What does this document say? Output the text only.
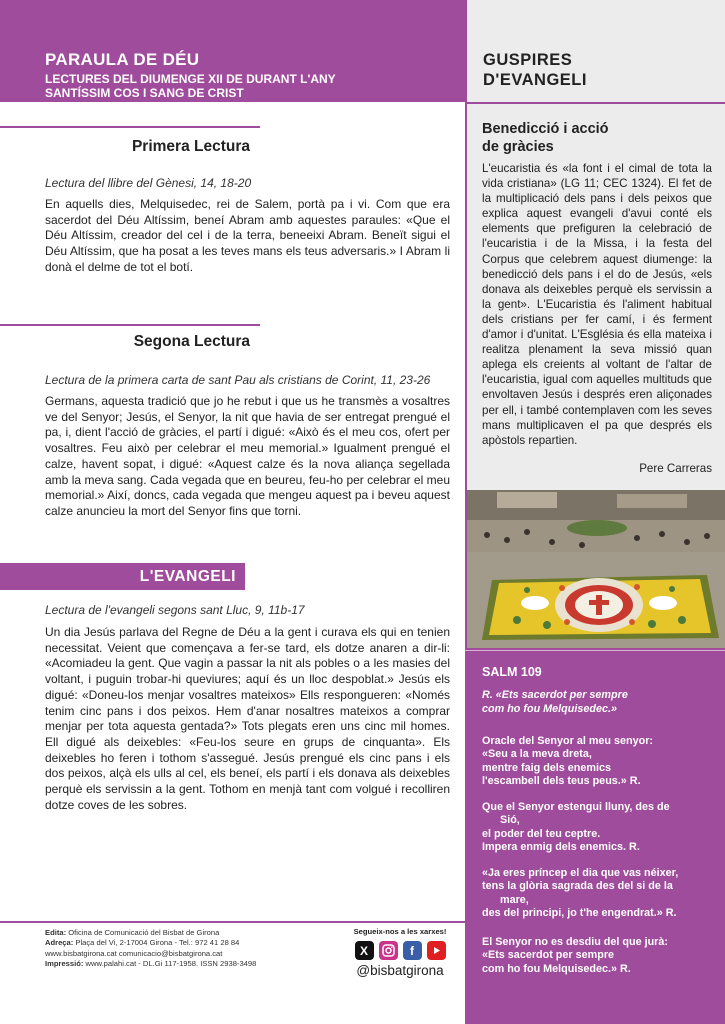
PARAULA DE DÉU
LECTURES DEL DIUMENGE XII DE DURANT L'ANY
SANTÍSSIM COS I SANG DE CRIST
GUSPIRES
D'EVANGELI
Primera Lectura
Lectura del llibre del Gènesi, 14, 18-20
En aquells dies, Melquisedec, rei de Salem, portà pa i vi. Com que era sacerdot del Déu Altíssim, beneí Abram amb aquestes paraules: «Que el Déu Altíssim, creador del cel i de la terra, beneeixi Abram. Beneït sigui el Déu Altíssim, que ha posat a les teves mans els teus adversaris.» I Abram li donà el delme de tot el botí.
Segona Lectura
Lectura de la primera carta de sant Pau als cristians de Corint, 11, 23-26
Germans, aquesta tradició que jo he rebut i que us he transmès a vosaltres ve del Senyor; Jesús, el Senyor, la nit que havia de ser entregat prengué el pa, i, dient l'acció de gràcies, el partí i digué: «Això és el meu cos, ofert per vosaltres. Feu això per celebrar el meu memorial.» Igualment prengué el calze, havent sopat, i digué: «Aquest calze és la nova aliança segellada amb la meva sang. Cada vegada que en beureu, feu-ho per celebrar el meu memorial.» Així, doncs, cada vegada que mengeu aquest pa i beveu aquest calze anuncieu la mort del Senyor fins que torni.
L'EVANGELI
Lectura de l'evangeli segons sant Lluc, 9, 11b-17
Un dia Jesús parlava del Regne de Déu a la gent i curava els qui en tenien necessitat. Veient que començava a fer-se tard, els dotze anaren a dir-li: «Acomiadeu la gent. Que vagin a passar la nit als pobles o a les masies del voltant, i puguin trobar-hi queviures; aquí és un lloc despoblat.» Jesús els digué: «Doneu-los menjar vosaltres mateixos» Ells respongueren: «Només tenim cinc pans i dos peixos. Hem d'anar nosaltres mateixos a comprar menjar per tota aquesta gentada?» Tots plegats eren uns cinc mil homes. Ell digué als deixebles: «Feu-los seure en grups de cinquanta». Els deixebles ho feren i tothom s'assegué. Jesús prengué els cinc pans i els dos peixos, alçà els ulls al cel, els beneí, els partí i els donava als deixebles perquè els servissin a la gent. Tothom en menjà tant com volgué i recolliren dotze coves de les sobres.
Edita: Oficina de Comunicació del Bisbat de Girona
Adreça: Plaça del Vi, 2-17004 Girona - Tel.: 972 41 28 84
www.bisbatgirona.cat comunicacio@bisbatgirona.cat
Impressió: www.palahi.cat - DL.Gi 117-1958. ISSN 2938-3498
Segueix-nos a les xarxes!
X	f
@bisbatgirona
Benedicció i acció
de gràcies
L'eucaristia és «la font i el cimal de tota la vida cristiana» (LG 11; CEC 1324). El fet de la multiplicació dels pans i dels peixos que explica aquest evangeli d'avui conté els elements que prefiguren la celebració de l'eucaristia i de la Missa, i la festa del Corpus que celebrem aquest diumenge: la benedicció dels pans i el do de Jesús, «els donava als deixebles perquè els servissin a la gent». L'Eucaristia és l'aliment habitual dels cristians per fer camí, i és ferment d'amor i d'unitat. L'Església és ella mateixa i realitza plenament la seva missió quan aplega els creients al voltant de l'altar de l'eucaristia, igual com aquelles multituds que envoltaven Jesús i després eren aliçonades per ell, i també contemplaven com les seves mans multiplicaven el pa que després els apòstols repartien.
Pere Carreras
SALM 109
R. «Ets sacerdot per sempre
com ho fou Melquisedec.»
Oracle del Senyor al meu senyor:
«Seu a la meva dreta,
mentre faig dels enemics
l'escambell dels teus peus.» R.
Que el Senyor estengui lluny, des de
Sió,
el poder del teu ceptre.
Impera enmig dels enemics. R.
«Ja eres príncep el dia que vas néixer,
tens la glòria sagrada des del si de la
mare,
des del principi, jo t'he engendrat.» R.
El Senyor no es desdiu del que jurà:
«Ets sacerdot per sempre
com ho fou Melquisedec.» R.
